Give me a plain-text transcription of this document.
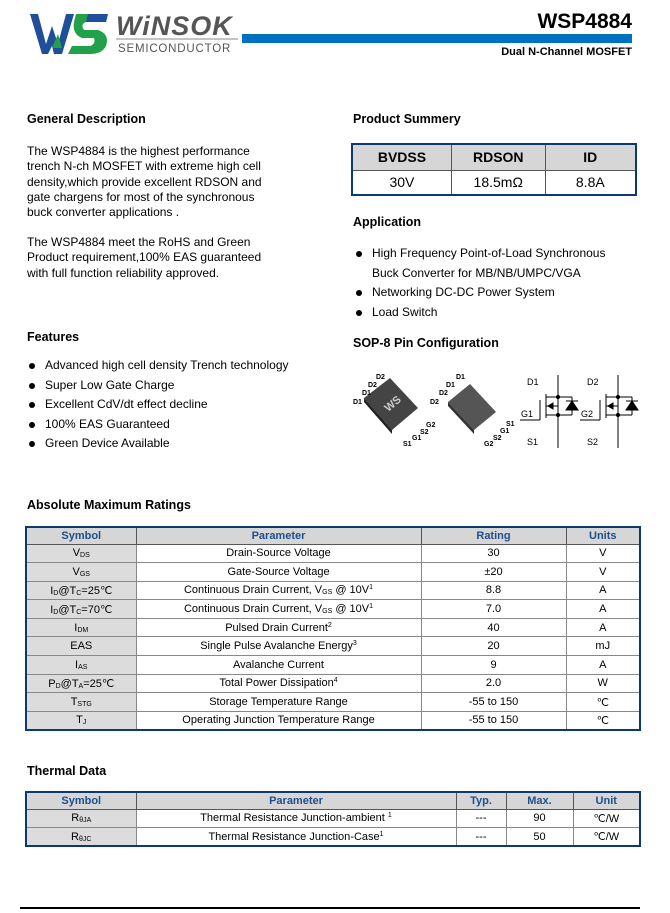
WiNSOK
SEMICONDUCTOR
WSP4884
Dual N-Channel MOSFET
General Description
The WSP4884 is the highest performance trench N-ch MOSFET with extreme high cell density,which provide excellent RDSON and gate chargens for most of the synchronous buck converter applications .
The WSP4884 meet the RoHS and Green Product requirement,100% EAS guaranteed with full function reliability approved.
Product Summery
BVDSS	RDSON	ID
30V	18.5mΩ	8.8A
Application
High Frequency Point-of-Load Synchronous
Buck Converter for MB/NB/UMPC/VGA
Networking DC-DC Power System
Load Switch
Features
Advanced high cell density Trench technology
Super Low Gate Charge
Excellent CdV/dt effect decline
100% EAS Guaranteed
Green Device Available
SOP-8 Pin Configuration
WS
D2
D2
D1
D1
G2
S2
G1
S1
D1
D1
D2
D2
S1
G1
S2
G2
D1
G1
S1
D2
G2
S2
Absolute Maximum Ratings
Symbol	Parameter	Rating	Units
$V_{DS}$	Drain-Source Voltage	30	V
$V_{GS}$	Gate-Source Voltage	±20	V
$I_D@T_C=25℃$	Continuous Drain Current, $V_{GS}$ @ $10V^1$	8.8	A
$I_D@T_C=70℃$	Continuous Drain Current, $V_{GS}$ @ $10V^1$	7.0	A
$I_{DM}$	Pulsed Drain Current$^2$	40	A
EAS	Single Pulse Avalanche Energy$^3$	20	mJ
$I_{AS}$	Avalanche Current	9	A
$P_D@T_A=25℃$	Total Power Dissipation$^4$	2.0	W
$T_{STG}$	Storage Temperature Range	-55 to 150	℃
$T_J$	Operating Junction Temperature Range	-55 to 150	℃
Thermal Data
Symbol	Parameter	Typ.	Max.	Unit
$R_{\theta JA}$	Thermal Resistance Junction-ambient $^1$	---	90	℃/W
$R_{\theta JC}$	Thermal Resistance Junction-Case$^1$	---	50	℃/W
